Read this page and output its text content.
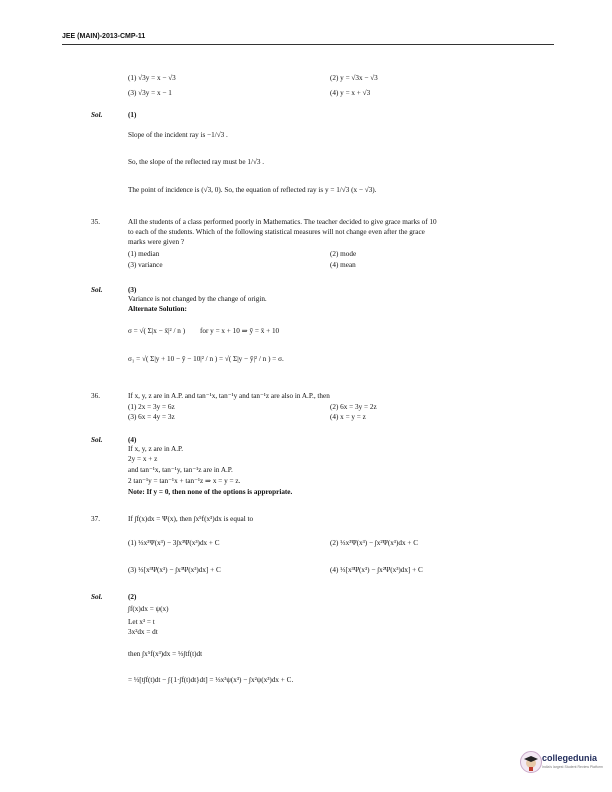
JEE (MAIN)-2013-CMP-11
(1) √3y = x − √3	(2) y = √3x − √3
(3) √3y = x − 1	(4) y = x + √3
Sol.	(1)
Slope of the incident ray is −1/√3 .
So, the slope of the reflected ray must be 1/√3 .
The point of incidence is (√3, 0). So, the equation of reflected ray is y = 1/√3 (x − √3).
35.	All the students of a class performed poorly in Mathematics. The teacher decided to give grace marks of 10
to each of the students. Which of the following statistical measures will not change even after the grace
marks were given ?
(1) median	(2) mode
(3) variance	(4) mean
Sol.	(3)
Variance is not changed by the change of origin.
Alternate Solution:
σ = √( Σ|x − x̄|² / n ) for y = x + 10 ⇒ ȳ = x̄ + 10
σ₁ = √( Σ|y + 10 − ȳ − 10|² / n ) = √( Σ|y − ȳ|² / n ) = σ.
36.	If x, y, z are in A.P. and tan⁻¹x, tan⁻¹y and tan⁻¹z are also in A.P., then
(1) 2x = 3y = 6z	(2) 6x = 3y = 2z
(3) 6x = 4y = 3z	(4) x = y = z
Sol.	(4)
If x, y, z are in A.P.
2y = x + z
and tan⁻¹x, tan⁻¹y, tan⁻¹z are in A.P.
2 tan⁻¹y = tan⁻¹x + tan⁻¹z ⇒ x = y = z.
Note: If y = 0, then none of the options is appropriate.
37.	If ∫f(x)dx = Ψ(x), then ∫x⁵f(x³)dx is equal to
(1) ⅓x³Ψ(x³) − 3∫x³Ψ(x³)dx + C	(2) ⅓x³Ψ(x³) − ∫x²Ψ(x³)dx + C
(3) ⅓[x³Ψ(x³) − ∫x³Ψ(x³)dx] + C	(4) ⅓[x³Ψ(x³) − ∫x²Ψ(x³)dx] + C
Sol.	(2)
∫f(x)dx = ψ(x)
Let x³ = t
3x²dx = dt
then ∫x⁵f(x³)dx = ⅓∫tf(t)dt
= ⅓[t∫f(t)dt − ∫{1·∫f(t)dt}dt] = ⅓x³ψ(x³) − ∫x²ψ(x³)dx + C.
collegedunia
India's largest Student Review Platform
